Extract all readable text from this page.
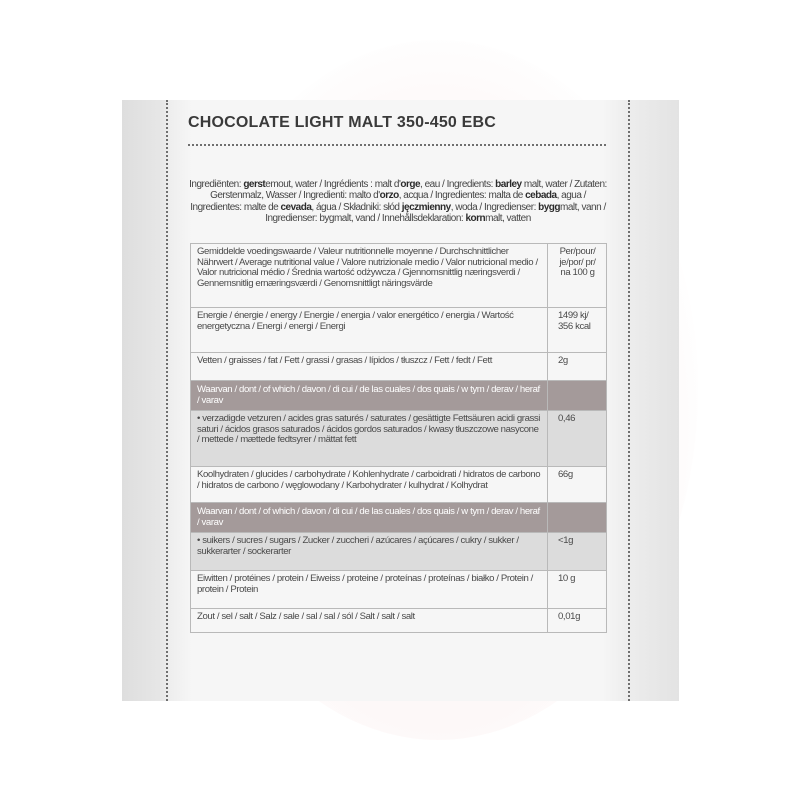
CHOCOLATE LIGHT MALT 350-450 EBC
Ingrediënten: gerstemout, water / Ingrédients : malt d'orge, eau / Ingredients: barley malt, water / Zutaten: Gerstenmalz, Wasser / Ingredienti: malto d'orzo, acqua / Ingredientes: malta de cebada, agua / Ingredientes: malte de cevada, água / Składniki: słód jęczmienny, woda / Ingredienser: byggmalt, vann / Ingredienser: bygmalt, vand / Innehållsdeklaration: kornmalt, vatten
Gemiddelde voedingswaarde / Valeur nutritionnelle moyenne / Durchschnittlicher Nährwert / Average nutritional value / Valore nutrizionale medio / Valor nutricional medio / Valor nutricional médio / Średnia wartość odżywcza / Gjennomsnittlig næringsverdi / Gennemsnitlig ernæringsværdi / Genomsnittligt näringsvärde	Per/pour/ je/por/ pr/ na 100 g
Energie / énergie / energy / Energie / energia / valor energético / energia / Wartość energetyczna / Energi / energi / Energi	1499 kj/ 356 kcal
Vetten / graisses / fat / Fett / grassi / grasas / lípidos / tłuszcz / Fett / fedt / Fett	2g
Waarvan / dont / of which / davon / di cui / de las cuales / dos quais / w tym / derav / heraf / varav	
• verzadigde vetzuren / acides gras saturés / saturates / gesättigte Fettsäuren acidi grassi saturi / ácidos grasos saturados / ácidos gordos saturados / kwasy tłuszczowe nasycone / mettede / mættede fedtsyrer / mättat fett	0,46
Koolhydraten / glucides / carbohydrate / Kohlenhydrate / carboidrati / hidratos de carbono / hidratos de carbono / węglowodany / Karbohydrater / kulhydrat / Kolhydrat	66g
Waarvan / dont / of which / davon / di cui / de las cuales / dos quais / w tym / derav / heraf / varav	
• suikers / sucres / sugars / Zucker / zuccheri / azúcares / açúcares / cukry / sukker / sukkerarter / sockerarter	<1g
Eiwitten / protéines / protein / Eiweiss / proteine / proteínas / proteínas / białko / Protein / protein / Protein	10 g
Zout / sel / salt / Salz / sale / sal / sal / sól / Salt / salt / salt	0,01g
